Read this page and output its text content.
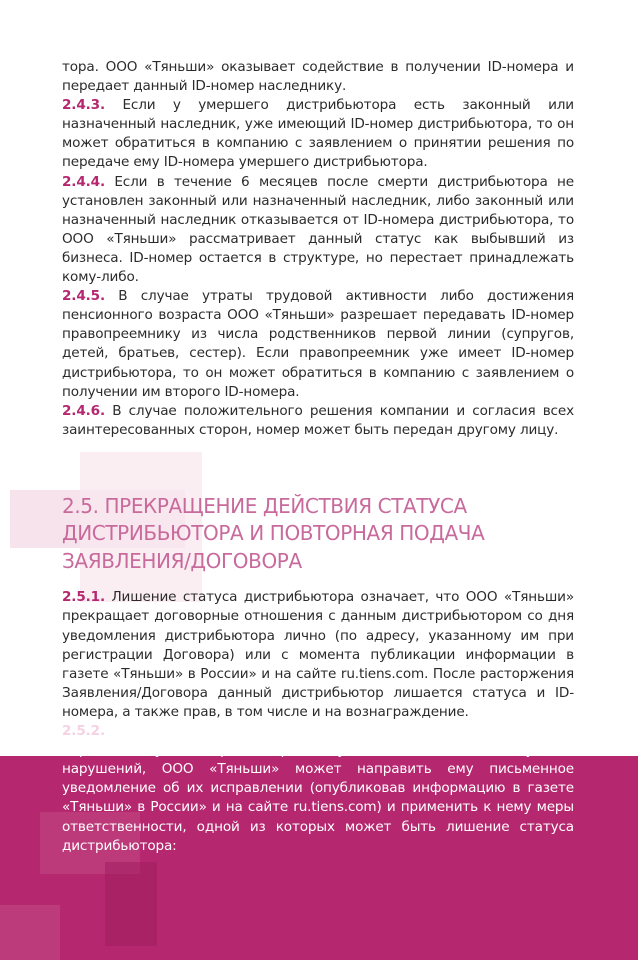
тора. ООО «Тяньши» оказывает содействие в получении ID-номера и передает данный ID-номер наследнику.

2.4.3. Если у умершего дистрибьютора есть законный или назначенный наследник, уже имеющий ID-номер дистрибьютора, то он может обратиться в компанию с заявлением о принятии решения по передаче ему ID-номера умершего дистрибьютора.

2.4.4. Если в течение 6 месяцев после смерти дистрибьютора не установлен законный или назначенный наследник, либо законный или назначенный наследник отказывается от ID-номера дистрибьютора, то ООО «Тяньши» рассматривает данный статус как выбывший из бизнеса. ID-номер остается в структуре, но перестает принадлежать кому-либо.

2.4.5. В случае утраты трудовой активности либо достижения пенсионного возраста ООО «Тяньши» разрешает передавать ID-номер правопреемнику из числа родственников первой линии (супругов, детей, братьев, сестер). Если правопреемник уже имеет ID-номер дистрибьютора, то он может обратиться в компанию с заявлением о получении им второго ID-номера.

2.4.6. В случае положительного решения компании и согласия всех заинтересованных сторон, номер может быть передан другому лицу.

2.5. ПРЕКРАЩЕНИЕ ДЕЙСТВИЯ СТАТУСА ДИСТРИБЬЮТОРА И ПОВТОРНАЯ ПОДАЧА ЗАЯВЛЕНИЯ/ДОГОВОРА

2.5.1. Лишение статуса дистрибьютора означает, что ООО «Тяньши» прекращает договорные отношения с данным дистрибьютором со дня уведомления дистрибьютора лично (по адресу, указанному им при регистрации Договора) или с момента публикации информации в газете «Тяньши» в России» и на сайте ru.tiens.com. После расторжения Заявления/Договора данный дистрибьютор лишается статуса и ID-номера, а также прав, в том числе и на вознаграждение.

2.5.2. Если дистрибьютор (включая одного из супругов супружеской пары в статусе дистрибьютора) допустил одно из нижеследующих нарушений, ООО «Тяньши» может направить ему письменное уведомление об их исправлении (опубликовав информацию в газете «Тяньши» в России» и на сайте ru.tiens.com) и применить к нему меры ответственности, одной из которых может быть лишение статуса дистрибьютора:
